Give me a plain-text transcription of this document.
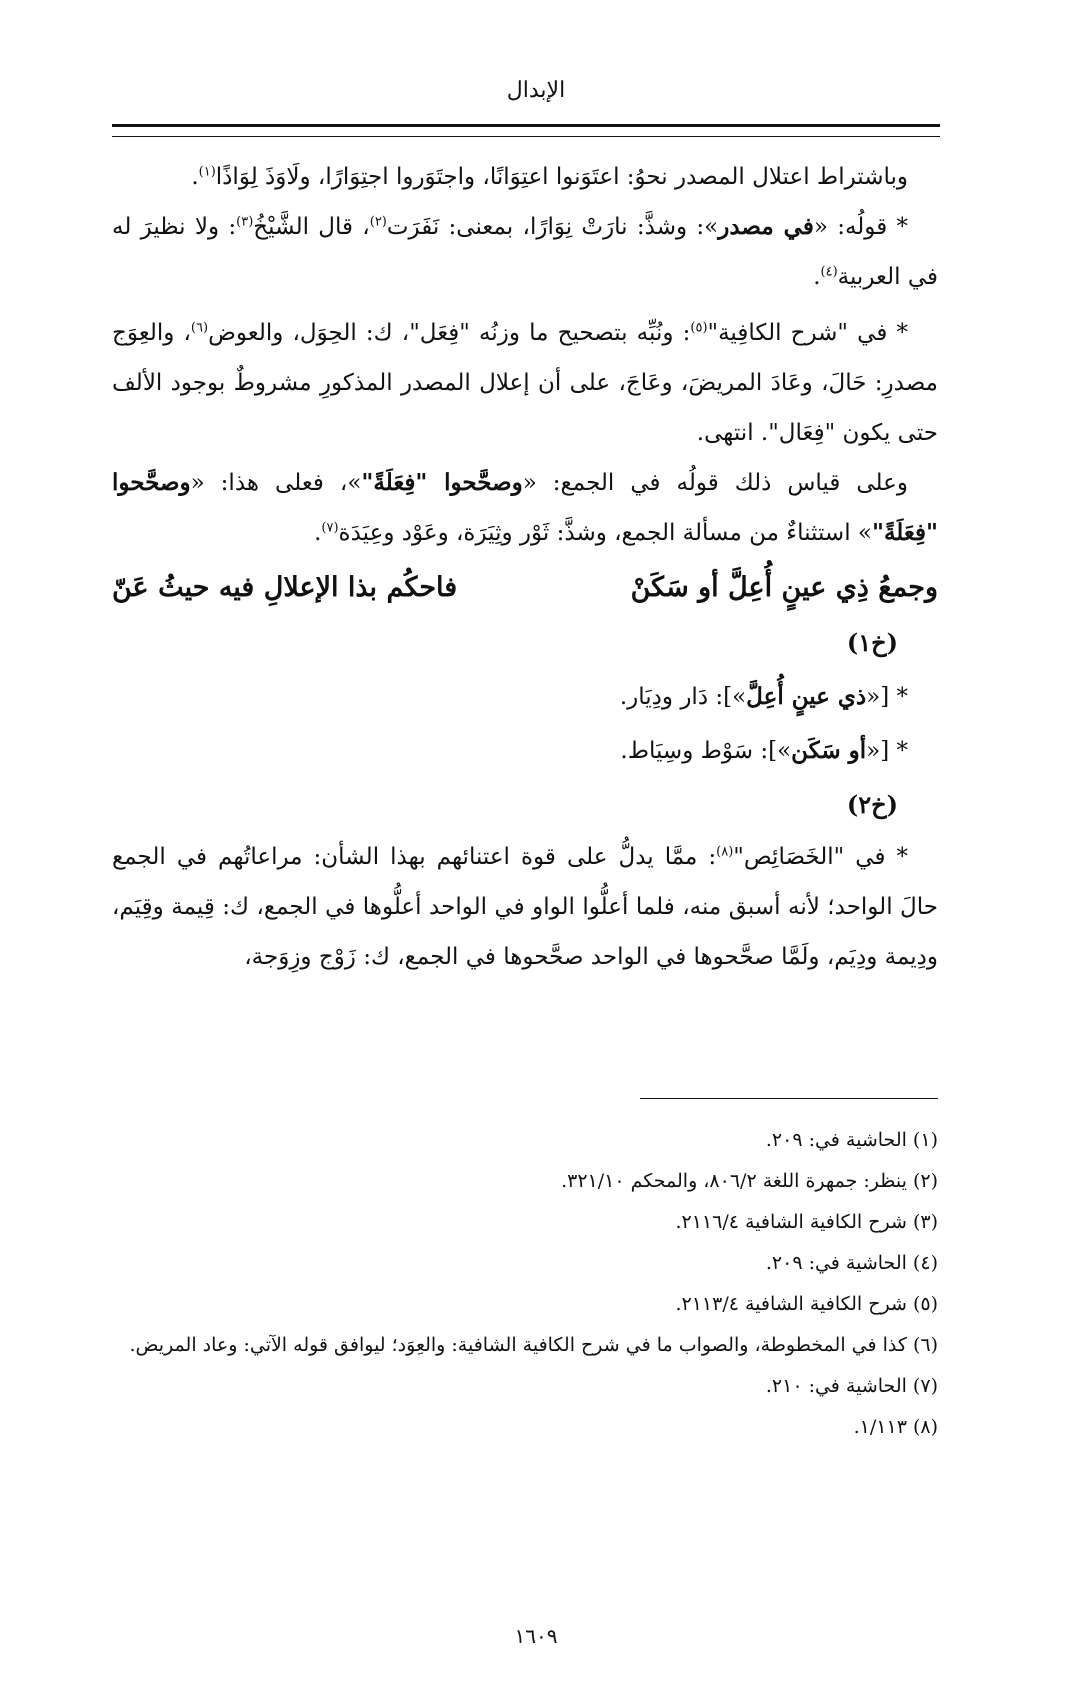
الإبدال

وباشتراط اعتلال المصدر نحوُ: اعتَوَنوا اعتِوَانًا، واجتَوَروا اجتِوَارًا، ولَاوَذَ لِوَاذًا$^{(١)}$.

* قولُه: «في مصدر»: وشذَّ: نارَتْ نِوَارًا، بمعنى: نَفَرَت$^{(٢)}$، قال الشَّيْخُ$^{(٣)}$: ولا نظيرَ له في العربية$^{(٤)}$.

* في "شرح الكافِية"$^{(٥)}$: ونُبِّه بتصحيح ما وزنُه "فِعَل"، ك: الحِوَل، والعوض$^{(٦)}$، والعِوَج مصدرِ: حَالَ، وعَادَ المريضَ، وعَاجَ، على أن إعلال المصدر المذكورِ مشروطٌ بوجود الألف حتى يكون "فِعَال". انتهى.

وعلى قياس ذلك قولُه في الجمع: «وصحَّحوا "فِعَلَةً"»، فعلى هذا: «وصحَّحوا "فِعَلَةً"» استثناءٌ من مسألة الجمع، وشذَّ: ثَوْر وثِيَرَة، وعَوْد وعِيَدَة$^{(٧)}$.

وجمعُ ذِي عينٍ أُعِلَّ أو سَكَنْ
فاحكُم بذا الإعلالِ فيه حيثُ عَنّ
(خ١)
* [«ذي عينٍ أُعِلَّ»]: دَار ودِيَار.
* [«أو سَكَن»]: سَوْط وسِيَاط.
(خ٢)

* في "الخَصَائِص"$^{(٨)}$: ممَّا يدلُّ على قوة اعتنائهم بهذا الشأن: مراعاتُهم في الجمع حالَ الواحد؛ لأنه أسبق منه، فلما أعلُّوا الواو في الواحد أعلُّوها في الجمع، ك: قِيمة وقِيَم، ودِيمة ودِيَم، ولَمَّا صحَّحوها في الواحد صحَّحوها في الجمع، ك: زَوْج وزِوَجة،

(١) الحاشية في: ٢٠٩.

(٢) ينظر: جمهرة اللغة ٨٠٦/٢، والمحكم ٣٢١/١٠.

(٣) شرح الكافية الشافية ٢١١٦/٤.

(٤) الحاشية في: ٢٠٩.

(٥) شرح الكافية الشافية ٢١١٣/٤.

(٦) كذا في المخطوطة، والصواب ما في شرح الكافية الشافية: والعِوَد؛ ليوافق قوله الآتي: وعاد المريض.

(٧) الحاشية في: ٢١٠.

(٨) ١/١١٣.

١٦٠٩
